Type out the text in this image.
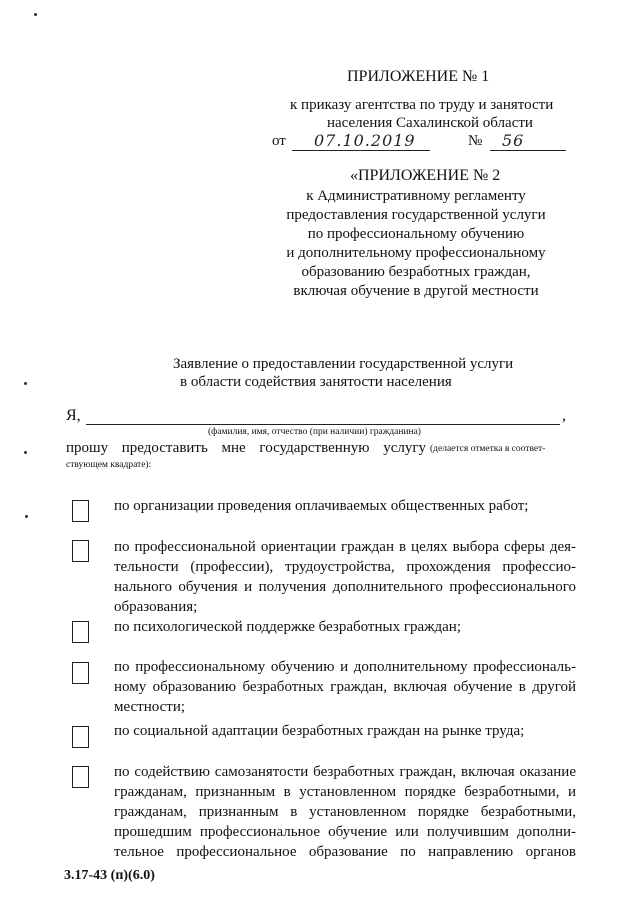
ПРИЛОЖЕНИЕ № 1
к приказу агентства по труду и занятости
населения Сахалинской области
от 07.10.2019	№ 56
«ПРИЛОЖЕНИЕ № 2
к Административному регламенту
предоставления государственной услуги
по профессиональному обучению
и дополнительному профессиональному
образованию безработных граждан,
включая обучение в другой местности
Заявление о предоставлении государственной услуги
в области содействия занятости населения
Я,	,
(фамилия, имя, отчество (при наличии) гражданина)
прошу предоставить мне государственную услугу (делается отметка в соответ-
ствующем квадрате):
по организации проведения оплачиваемых общественных работ;
по профессиональной ориентации граждан в целях выбора сферы дея-
тельности (профессии), трудоустройства, прохождения профессио-
нального обучения и получения дополнительного профессионального
образования;
по психологической поддержке безработных граждан;
по профессиональному обучению и дополнительному профессиональ-
ному образованию безработных граждан, включая обучение в другой
местности;
по социальной адаптации безработных граждан на рынке труда;
по содействию самозанятости безработных граждан, включая оказание
гражданам, признанным в установленном порядке безработными, и
гражданам, признанным в установленном порядке безработными,
прошедшим профессиональное обучение или получившим дополни-
тельное профессиональное образование по направлению органов
3.17-43 (п)(6.0)
